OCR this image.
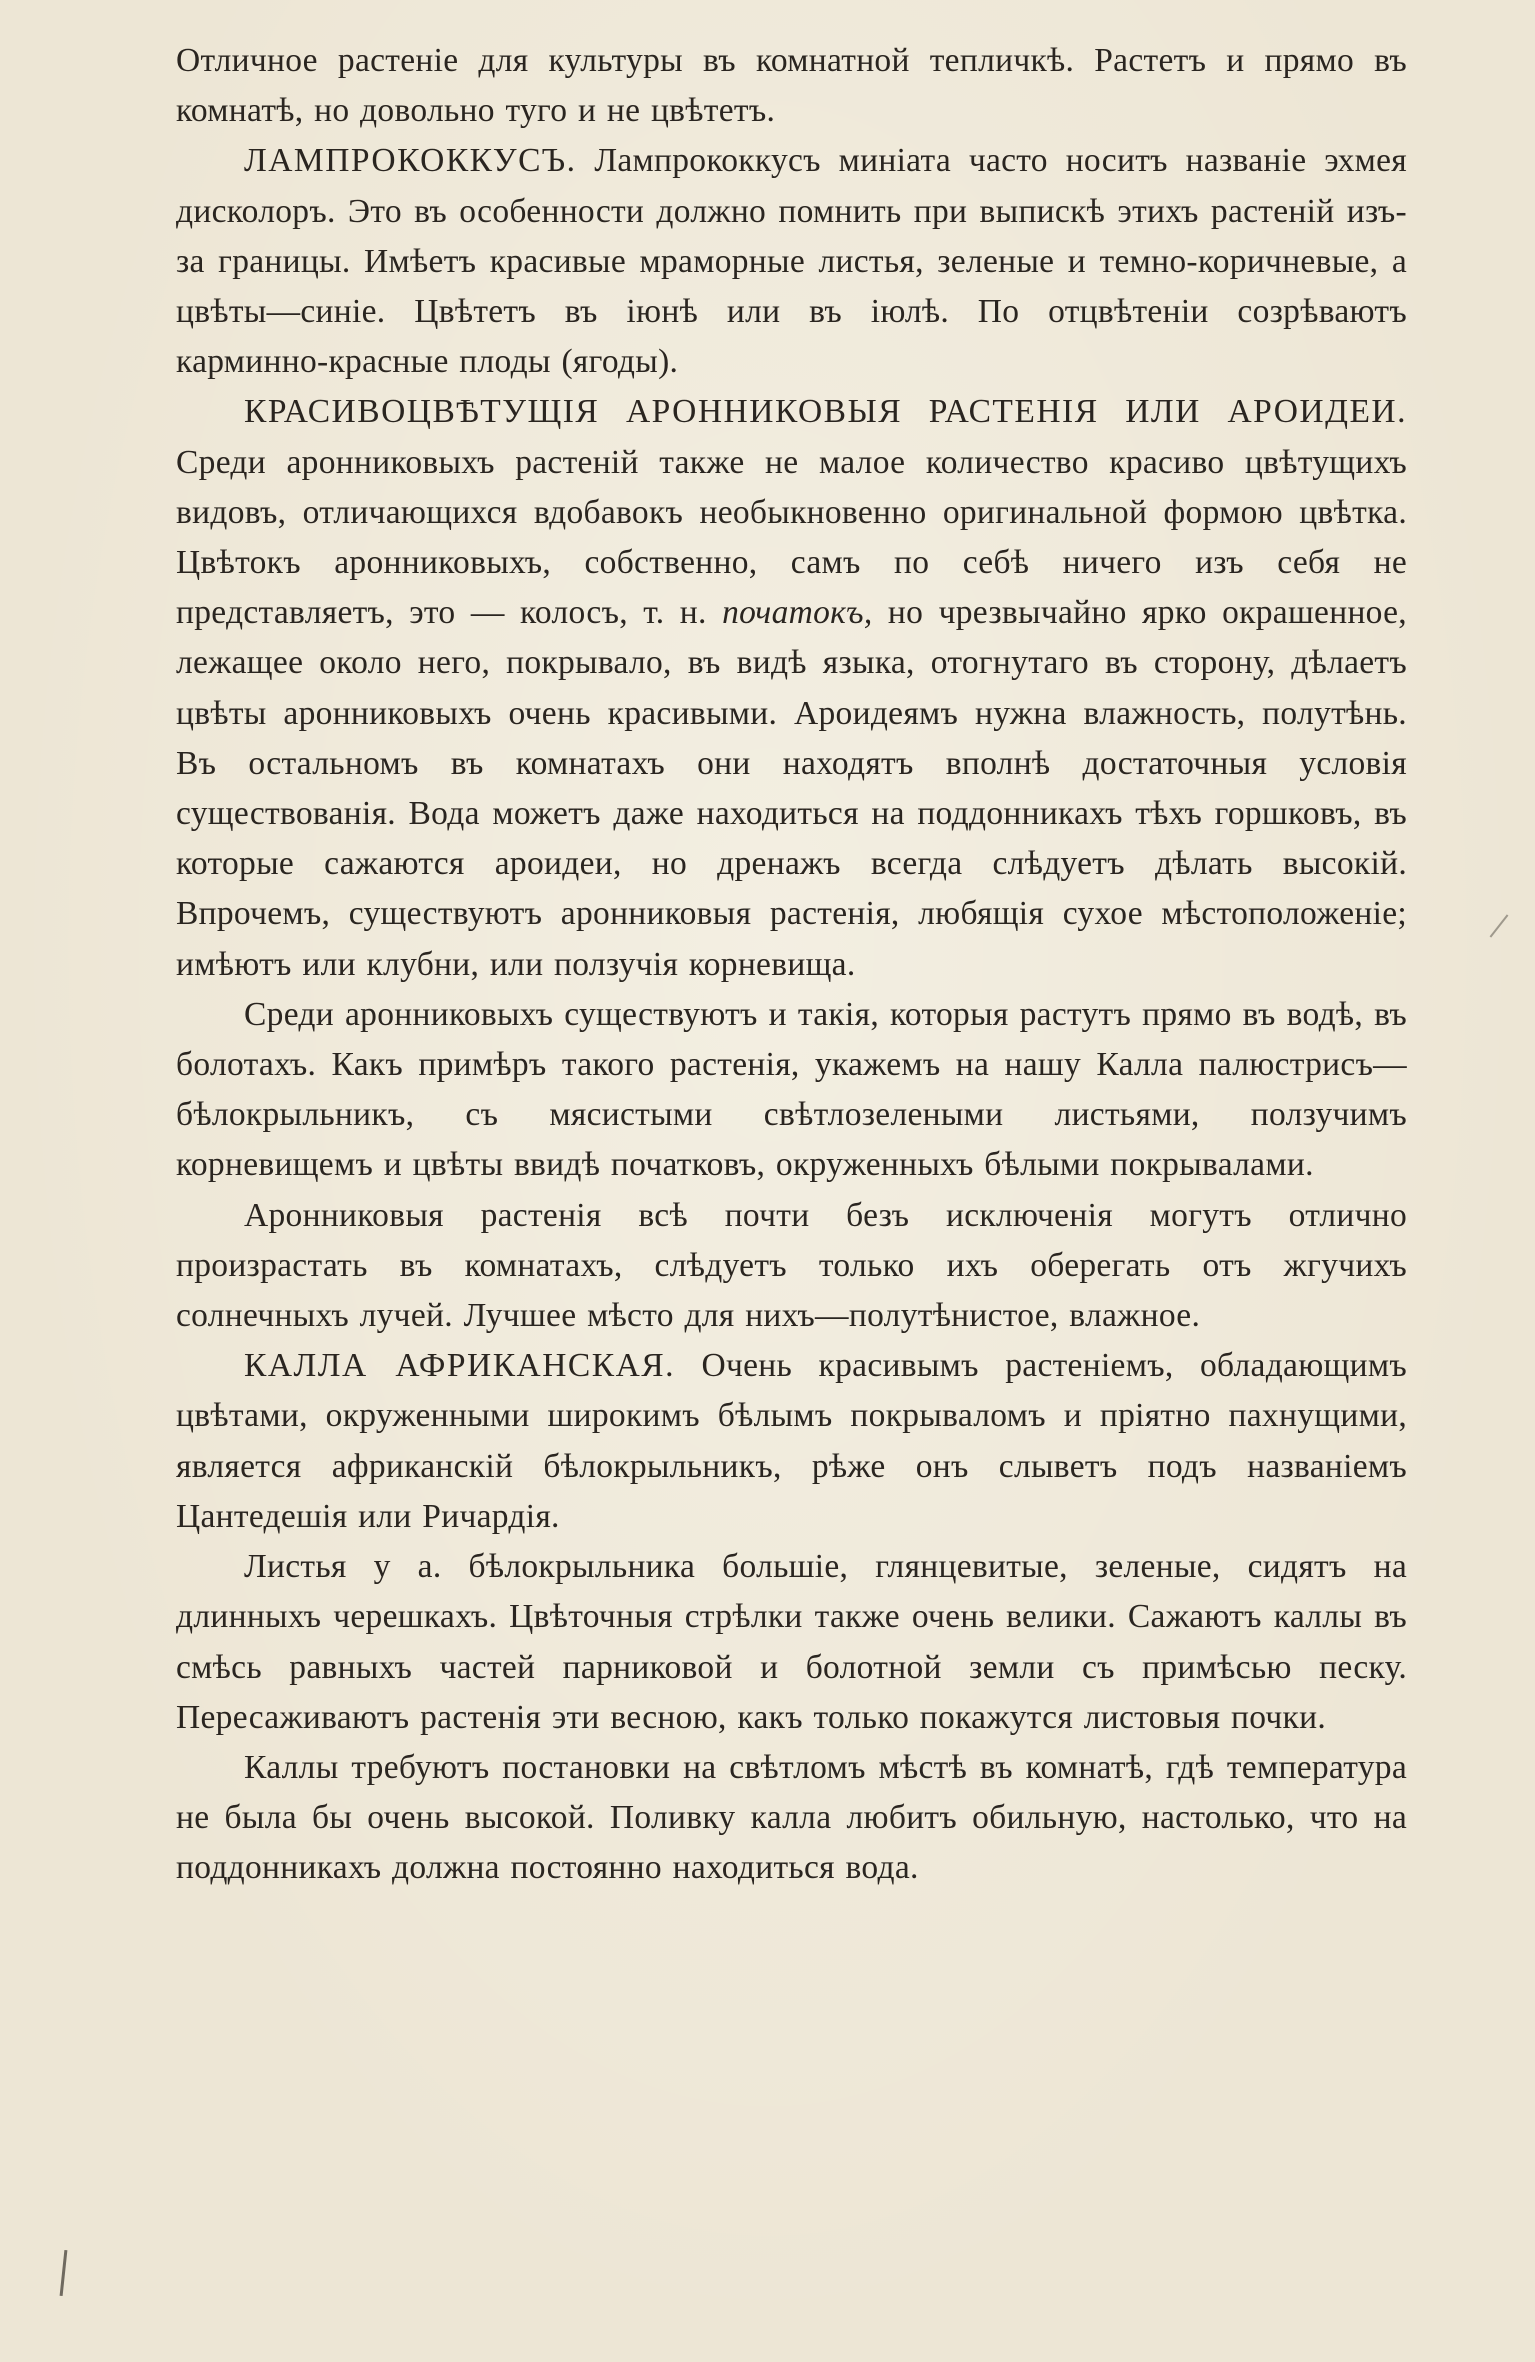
Отличное растеніе для культуры въ комнатной тепличкѣ. Растетъ и прямо въ комнатѣ, но довольно туго и не цвѣтетъ.

ЛАМПРОКОККУСЪ. Лампрококкусъ миніата часто носитъ названіе эхмея дисколоръ. Это въ особенности должно помнить при выпискѣ этихъ растеній изъ-за границы. Имѣетъ красивые мраморные листья, зеленые и темно-коричневые, а цвѣты—синіе. Цвѣтетъ въ іюнѣ или въ іюлѣ. По отцвѣтеніи созрѣваютъ карминно-красные плоды (ягоды).

КРАСИВОЦВѢТУЩІЯ АРОННИКОВЫЯ РАСТЕНІЯ ИЛИ АРОИДЕИ. Среди аронниковыхъ растеній также не малое количество красиво цвѣтущихъ видовъ, отличающихся вдобавокъ необыкновенно оригинальной формою цвѣтка. Цвѣтокъ аронниковыхъ, собственно, самъ по себѣ ничего изъ себя не представляетъ, это — колосъ, т. н. початокъ, но чрезвычайно ярко окрашенное, лежащее около него, покрывало, въ видѣ языка, отогнутаго въ сторону, дѣлаетъ цвѣты аронниковыхъ очень красивыми. Ароидеямъ нужна влажность, полутѣнь. Въ остальномъ въ комнатахъ они находятъ вполнѣ достаточныя условія существованія. Вода можетъ даже находиться на поддонникахъ тѣхъ горшковъ, въ которые сажаются ароидеи, но дренажъ всегда слѣдуетъ дѣлать высокій. Впрочемъ, существуютъ аронниковыя растенія, любящія сухое мѣстоположеніе; имѣютъ или клубни, или ползучія корневища.

Среди аронниковыхъ существуютъ и такія, которыя растутъ прямо въ водѣ, въ болотахъ. Какъ примѣръ такого растенія, укажемъ на нашу Калла палюстрисъ—бѣлокрыльникъ, съ мясистыми свѣтлозелеными листьями, ползучимъ корневищемъ и цвѣты ввидѣ початковъ, окруженныхъ бѣлыми покрывалами.

Аронниковыя растенія всѣ почти безъ исключенія могутъ отлично произрастать въ комнатахъ, слѣдуетъ только ихъ оберегать отъ жгучихъ солнечныхъ лучей. Лучшее мѣсто для нихъ—полутѣнистое, влажное.

КАЛЛА АФРИКАНСКАЯ. Очень красивымъ растеніемъ, обладающимъ цвѣтами, окруженными широкимъ бѣлымъ покрываломъ и пріятно пахнущими, является африканскій бѣлокрыльникъ, рѣже онъ слыветъ подъ названіемъ Цантедешія или Ричардія.

Листья у а. бѣлокрыльника большіе, глянцевитые, зеленые, сидятъ на длинныхъ черешкахъ. Цвѣточныя стрѣлки также очень велики. Сажаютъ каллы въ смѣсь равныхъ частей парниковой и болотной земли съ примѣсью песку. Пересаживаютъ растенія эти весною, какъ только покажутся листовыя почки.

Каллы требуютъ постановки на свѣтломъ мѣстѣ въ комнатѣ, гдѣ температура не была бы очень высокой. Поливку калла любитъ обильную, настолько, что на поддонникахъ должна постоянно находиться вода.
